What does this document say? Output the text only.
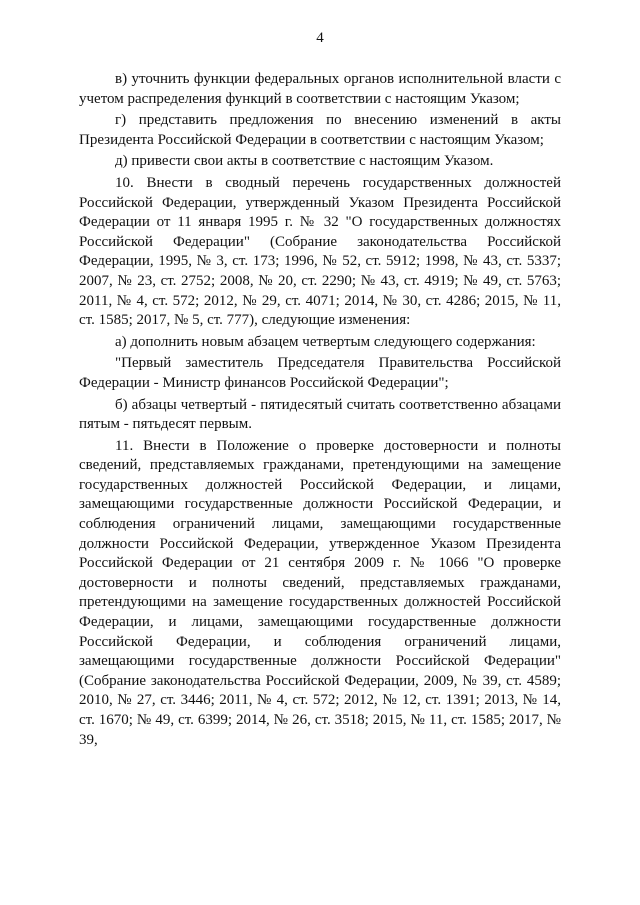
4

в) уточнить функции федеральных органов исполнительной власти с учетом распределения функций в соответствии с настоящим Указом;

г) представить предложения по внесению изменений в акты Президента Российской Федерации в соответствии с настоящим Указом;

д) привести свои акты в соответствие с настоящим Указом.

10. Внести в сводный перечень государственных должностей Российской Федерации, утвержденный Указом Президента Российской Федерации от 11 января 1995 г. № 32 "О государственных должностях Российской Федерации" (Собрание законодательства Российской Федерации, 1995, № 3, ст. 173; 1996, № 52, ст. 5912; 1998, № 43, ст. 5337; 2007, № 23, ст. 2752; 2008, № 20, ст. 2290; № 43, ст. 4919; № 49, ст. 5763; 2011, № 4, ст. 572; 2012, № 29, ст. 4071; 2014, № 30, ст. 4286; 2015, № 11, ст. 1585; 2017, № 5, ст. 777), следующие изменения:

а) дополнить новым абзацем четвертым следующего содержания:

"Первый заместитель Председателя Правительства Российской Федерации - Министр финансов Российской Федерации";

б) абзацы четвертый - пятидесятый считать соответственно абзацами пятым - пятьдесят первым.

11. Внести в Положение о проверке достоверности и полноты сведений, представляемых гражданами, претендующими на замещение государственных должностей Российской Федерации, и лицами, замещающими государственные должности Российской Федерации, и соблюдения ограничений лицами, замещающими государственные должности Российской Федерации, утвержденное Указом Президента Российской Федерации от 21 сентября 2009 г. № 1066 "О проверке достоверности и полноты сведений, представляемых гражданами, претендующими на замещение государственных должностей Российской Федерации, и лицами, замещающими государственные должности Российской Федерации, и соблюдения ограничений лицами, замещающими государственные должности Российской Федерации" (Собрание законодательства Российской Федерации, 2009, № 39, ст. 4589; 2010, № 27, ст. 3446; 2011, № 4, ст. 572; 2012, № 12, ст. 1391; 2013, № 14, ст. 1670; № 49, ст. 6399; 2014, № 26, ст. 3518; 2015, № 11, ст. 1585; 2017, № 39,
